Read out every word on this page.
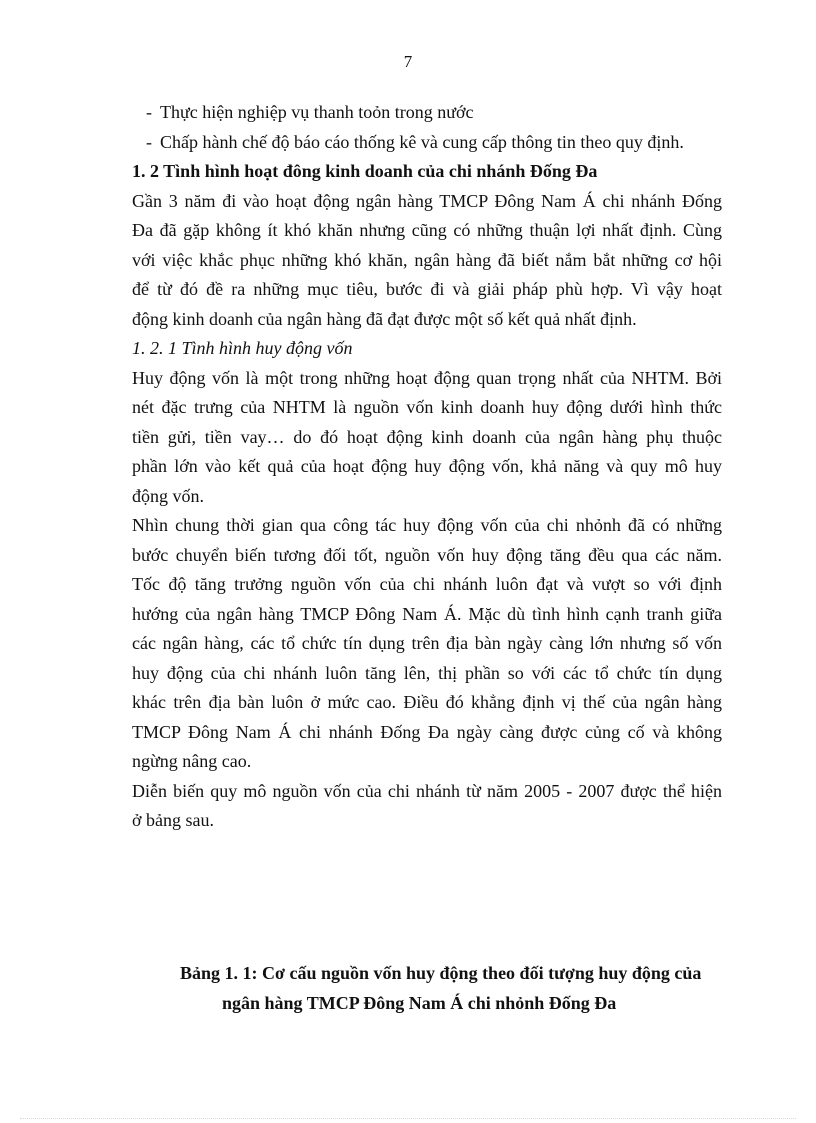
7
- Thực hiện nghiệp vụ thanh toỏn trong nước
- Chấp hành chế độ báo cáo thống kê và cung cấp thông tin theo quy định.
1. 2 Tình hình hoạt đông kinh doanh của chi nhánh Đống Đa
Gần 3 năm đi vào hoạt động ngân hàng TMCP Đông Nam Á chi nhánh Đống
Đa đã gặp không ít khó khăn nhưng cũng có những thuận lợi nhất định. Cùng
với việc khắc phục những khó khăn, ngân hàng đã biết nắm bắt những cơ hội
để từ đó đề ra những mục tiêu, bước đi và giải pháp phù hợp. Vì vậy hoạt
động kinh doanh của ngân hàng đã đạt được một số kết quả nhất định.
1. 2. 1 Tình hình huy động vốn
Huy động vốn là một trong những hoạt động quan trọng nhất của NHTM. Bởi
nét đặc trưng của NHTM là nguồn vốn kinh doanh huy động dưới hình thức
tiền gửi, tiền vay… do đó hoạt động kinh doanh của ngân hàng phụ thuộc
phần lớn vào kết quả của hoạt động huy động vốn, khả năng và quy mô huy
động vốn.
Nhìn chung thời gian qua công tác huy động vốn của chi nhỏnh đã có những
bước chuyển biến tương đối tốt, nguồn vốn huy động tăng đều qua các năm.
Tốc độ tăng trưởng nguồn vốn của chi nhánh luôn đạt và vượt so với định
hướng của ngân hàng TMCP Đông Nam Á. Mặc dù tình hình cạnh tranh giữa
các ngân hàng, các tổ chức tín dụng trên địa bàn ngày càng lớn nhưng số vốn
huy động của chi nhánh luôn tăng lên, thị phần so với các tổ chức tín dụng
khác trên địa bàn luôn ở mức cao. Điều đó khẳng định vị thế của ngân hàng
TMCP Đông Nam Á chi nhánh Đống Đa ngày càng được củng cố và không
ngừng nâng cao.
Diễn biến quy mô nguồn vốn của chi nhánh từ năm 2005 - 2007 được thể hiện
ở bảng sau.
Bảng 1. 1: Cơ cấu nguồn vốn huy động theo đối tượng huy động của
ngân hàng TMCP Đông Nam Á chi nhỏnh Đống Đa
